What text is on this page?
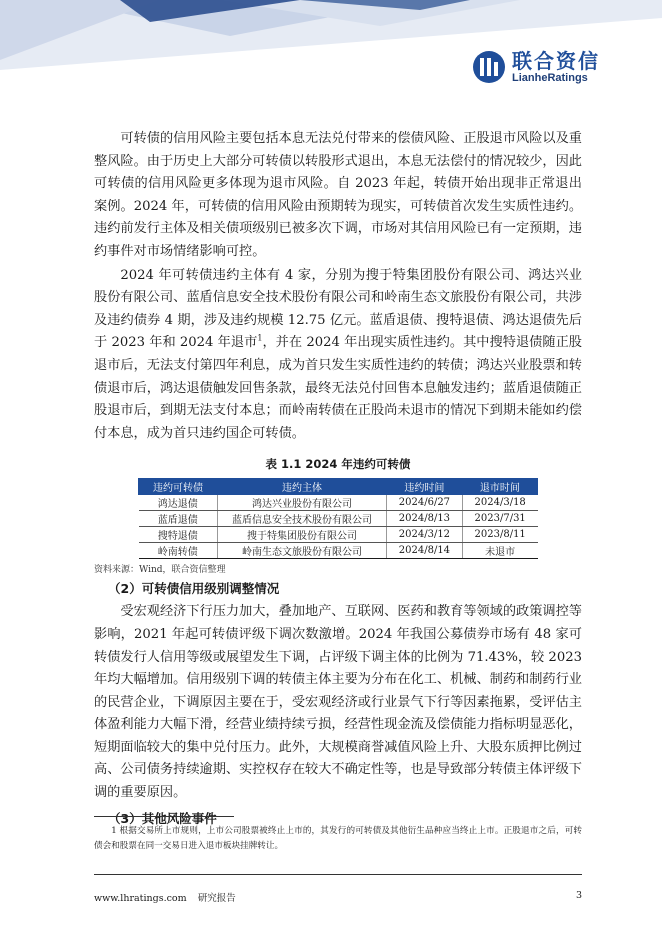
联合资信
LianheRatings

可转债的信用风险主要包括本息无法兑付带来的偿债风险、正股退市风险以及重整风险。由于历史上大部分可转债以转股形式退出，本息无法偿付的情况较少，因此可转债的信用风险更多体现为退市风险。自 2023 年起，转债开始出现非正常退出案例。2024 年，可转债的信用风险由预期转为现实，可转债首次发生实质性违约。违约前发行主体及相关债项级别已被多次下调，市场对其信用风险已有一定预期，违约事件对市场情绪影响可控。

2024 年可转债违约主体有 4 家，分别为搜于特集团股份有限公司、鸿达兴业股份有限公司、蓝盾信息安全技术股份有限公司和岭南生态文旅股份有限公司，共涉及违约债券 4 期，涉及违约规模 12.75 亿元。蓝盾退债、搜特退债、鸿达退债先后于 2023 年和 2024 年退市$^1$，并在 2024 年出现实质性违约。其中搜特退债随正股退市后，无法支付第四年利息，成为首只发生实质性违约的转债；鸿达兴业股票和转债退市后，鸿达退债触发回售条款，最终无法兑付回售本息触发违约；蓝盾退债随正股退市后，到期无法支付本息；而岭南转债在正股尚未退市的情况下到期未能如约偿付本息，成为首只违约国企可转债。

表 1.1 2024 年违约可转债
违约可转债	违约主体	违约时间	退市时间
鸿达退债	鸿达兴业股份有限公司	2024/6/27	2024/3/18
蓝盾退债	蓝盾信息安全技术股份有限公司	2024/8/13	2023/7/31
搜特退债	搜于特集团股份有限公司	2024/3/12	2023/8/11
岭南转债	岭南生态文旅股份有限公司	2024/8/14	未退市
资料来源：Wind，联合资信整理
（2）可转债信用级别调整情况

受宏观经济下行压力加大，叠加地产、互联网、医药和教育等领域的政策调控等影响，2021 年起可转债评级下调次数激增。2024 年我国公募债券市场有 48 家可转债发行人信用等级或展望发生下调，占评级下调主体的比例为 71.43%，较 2023 年均大幅增加。信用级别下调的转债主体主要为分布在化工、机械、制药和制药行业的民营企业，下调原因主要在于，受宏观经济或行业景气下行等因素拖累，受评估主体盈利能力大幅下滑，经营业绩持续亏损，经营性现金流及偿债能力指标明显恶化，短期面临较大的集中兑付压力。此外，大规模商誉减值风险上升、大股东质押比例过高、公司债务持续逾期、实控权存在较大不确定性等，也是导致部分转债主体评级下调的重要原因。

（3）其他风险事件
1 根据交易所上市规则，上市公司股票被终止上市的，其发行的可转债及其他衍生品种应当终止上市。正股退市之后，可转债会和股票在同一交易日进入退市板块挂牌转让。
www.lhratings.com 研究报告	3
